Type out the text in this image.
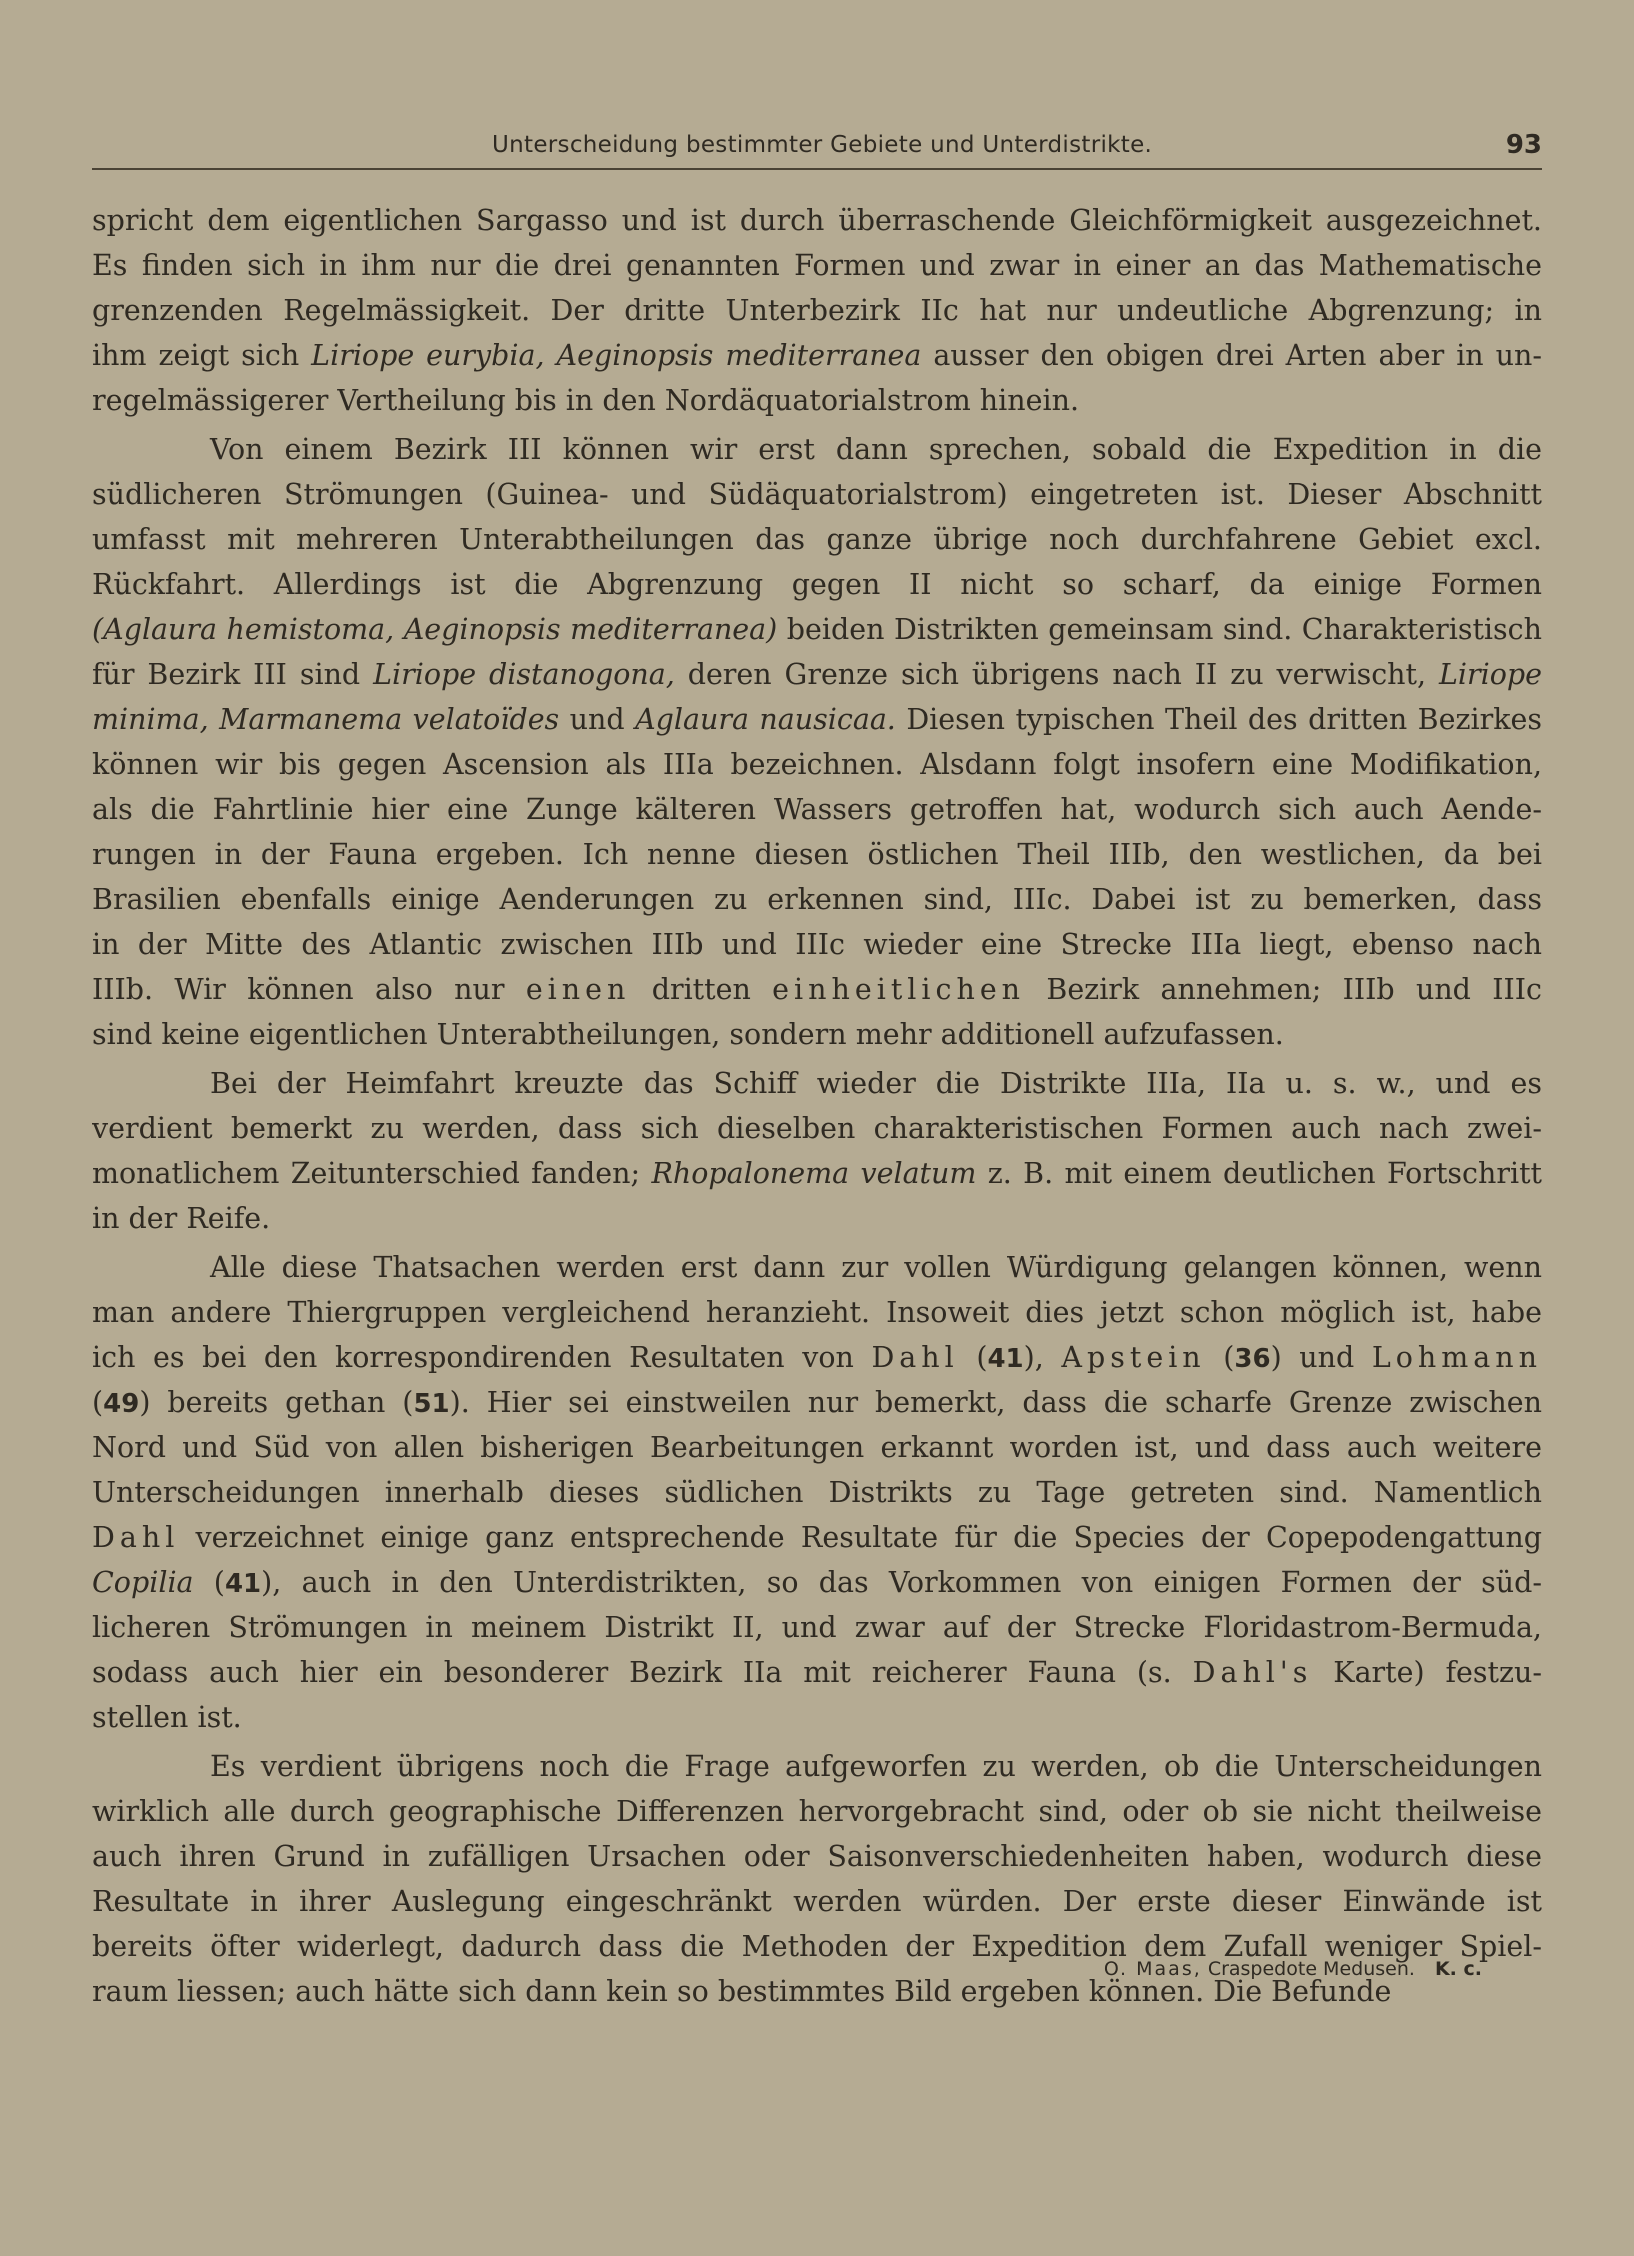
Unterscheidung bestimmter Gebiete und Unterdistrikte.	93
spricht dem eigentlichen Sargasso und ist durch überraschende Gleichförmigkeit ausgezeichnet.
Es finden sich in ihm nur die drei genannten Formen und zwar in einer an das Mathematische
grenzenden Regelmässigkeit. Der dritte Unterbezirk IIc hat nur undeutliche Abgrenzung; in
ihm zeigt sich Liriope eurybia, Aeginopsis mediterranea ausser den obigen drei Arten aber in un-
regelmässigerer Vertheilung bis in den Nordäquatorialstrom hinein.
Von einem Bezirk III können wir erst dann sprechen, sobald die Expedition in die
südlicheren Strömungen (Guinea- und Südäquatorialstrom) eingetreten ist. Dieser Abschnitt
umfasst mit mehreren Unterabtheilungen das ganze übrige noch durchfahrene Gebiet excl.
Rückfahrt. Allerdings ist die Abgrenzung gegen II nicht so scharf, da einige Formen
(Aglaura hemistoma, Aeginopsis mediterranea) beiden Distrikten gemeinsam sind. Charakteristisch
für Bezirk III sind Liriope distanogona, deren Grenze sich übrigens nach II zu verwischt, Liriope
minima, Marmanema velatoïdes und Aglaura nausicaa. Diesen typischen Theil des dritten Bezirkes
können wir bis gegen Ascension als IIIa bezeichnen. Alsdann folgt insofern eine Modifikation,
als die Fahrtlinie hier eine Zunge kälteren Wassers getroffen hat, wodurch sich auch Aende-
rungen in der Fauna ergeben. Ich nenne diesen östlichen Theil IIIb, den westlichen, da bei
Brasilien ebenfalls einige Aenderungen zu erkennen sind, IIIc. Dabei ist zu bemerken, dass
in der Mitte des Atlantic zwischen IIIb und IIIc wieder eine Strecke IIIa liegt, ebenso nach
IIIb. Wir können also nur einen dritten einheitlichen Bezirk annehmen; IIIb und IIIc
sind keine eigentlichen Unterabtheilungen, sondern mehr additionell aufzufassen.
Bei der Heimfahrt kreuzte das Schiff wieder die Distrikte IIIa, IIa u. s. w., und es
verdient bemerkt zu werden, dass sich dieselben charakteristischen Formen auch nach zwei-
monatlichem Zeitunterschied fanden; Rhopalonema velatum z. B. mit einem deutlichen Fortschritt
in der Reife.
Alle diese Thatsachen werden erst dann zur vollen Würdigung gelangen können, wenn
man andere Thiergruppen vergleichend heranzieht. Insoweit dies jetzt schon möglich ist, habe
ich es bei den korrespondirenden Resultaten von Dahl (41), Apstein (36) und Lohmann
(49) bereits gethan (51). Hier sei einstweilen nur bemerkt, dass die scharfe Grenze zwischen
Nord und Süd von allen bisherigen Bearbeitungen erkannt worden ist, und dass auch weitere
Unterscheidungen innerhalb dieses südlichen Distrikts zu Tage getreten sind. Namentlich
Dahl verzeichnet einige ganz entsprechende Resultate für die Species der Copepodengattung
Copilia (41), auch in den Unterdistrikten, so das Vorkommen von einigen Formen der süd-
licheren Strömungen in meinem Distrikt II, und zwar auf der Strecke Floridastrom-Bermuda,
sodass auch hier ein besonderer Bezirk IIa mit reicherer Fauna (s. Dahl's Karte) festzu-
stellen ist.
Es verdient übrigens noch die Frage aufgeworfen zu werden, ob die Unterscheidungen
wirklich alle durch geographische Differenzen hervorgebracht sind, oder ob sie nicht theilweise
auch ihren Grund in zufälligen Ursachen oder Saisonverschiedenheiten haben, wodurch diese
Resultate in ihrer Auslegung eingeschränkt werden würden. Der erste dieser Einwände ist
bereits öfter widerlegt, dadurch dass die Methoden der Expedition dem Zufall weniger Spiel-
raum liessen; auch hätte sich dann kein so bestimmtes Bild ergeben können. Die Befunde
O. Maas, Craspedote Medusen. K. c.
